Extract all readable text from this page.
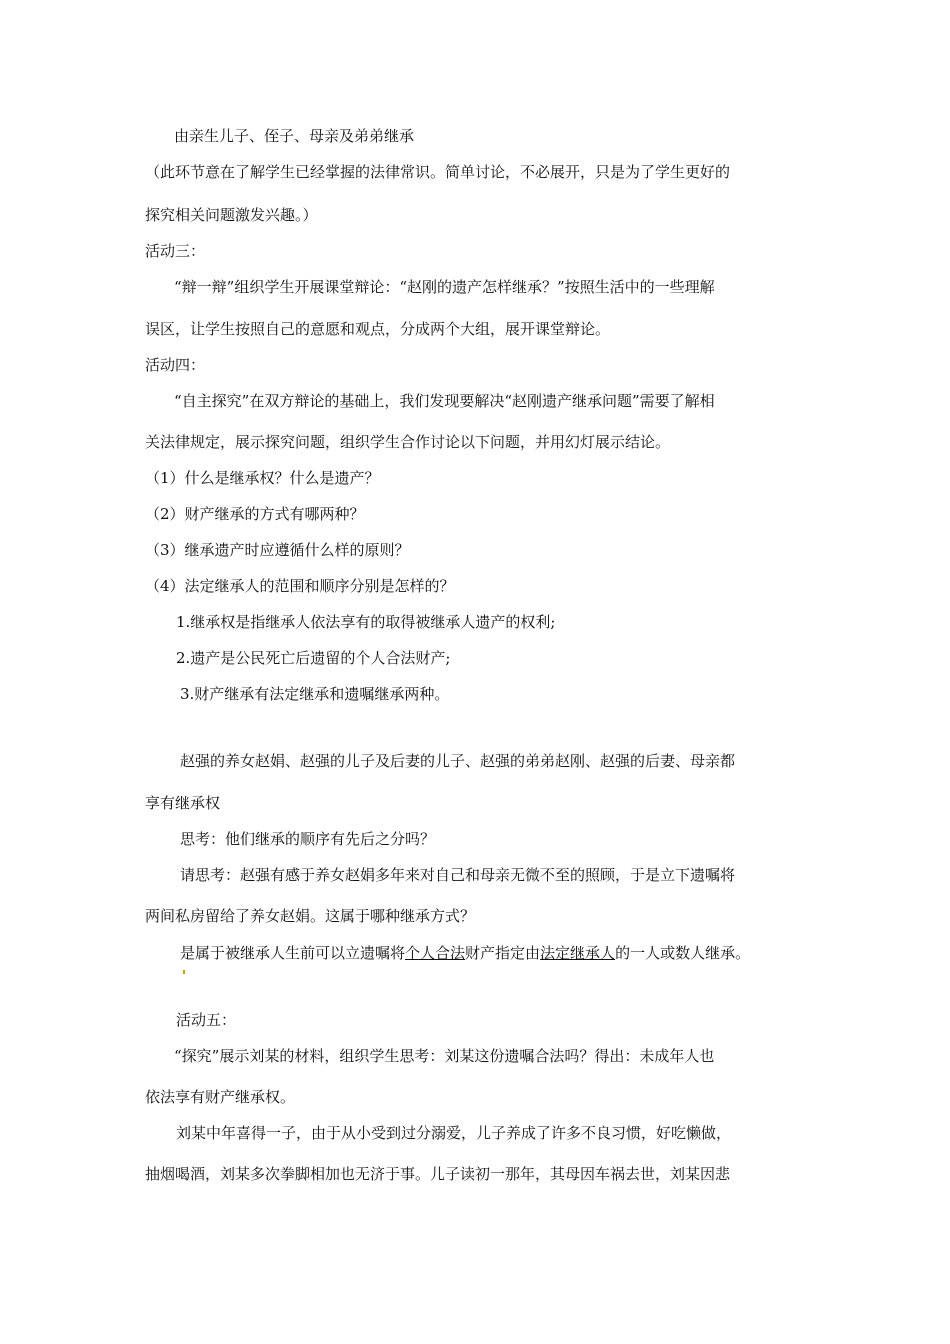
由亲生儿子、侄子、母亲及弟弟继承
（此环节意在了解学生已经掌握的法律常识。简单讨论，不必展开，只是为了学生更好的
探究相关问题激发兴趣。）
活动三：
“辩一辩”组织学生开展课堂辩论：“赵刚的遗产怎样继承？”按照生活中的一些理解
误区，让学生按照自己的意愿和观点，分成两个大组，展开课堂辩论。
活动四：
“自主探究”在双方辩论的基础上，我们发现要解决“赵刚遗产继承问题”需要了解相
关法律规定，展示探究问题，组织学生合作讨论以下问题，并用幻灯展示结论。
（1）什么是继承权？什么是遗产？
（2）财产继承的方式有哪两种？
（3）继承遗产时应遵循什么样的原则？
（4）法定继承人的范围和顺序分别是怎样的？
1.继承权是指继承人依法享有的取得被继承人遗产的权利;
2.遗产是公民死亡后遗留的个人合法财产;
3.财产继承有法定继承和遗嘱继承两种。
赵强的养女赵娟、赵强的儿子及后妻的儿子、赵强的弟弟赵刚、赵强的后妻、母亲都
享有继承权
思考：他们继承的顺序有先后之分吗？
请思考：赵强有感于养女赵娟多年来对自己和母亲无微不至的照顾，于是立下遗嘱将
两间私房留给了养女赵娟。这属于哪种继承方式？
是属于被继承人生前可以立遗嘱将个人合法财产指定由法定继承人的一人或数人继承。
活动五：
“探究”展示刘某的材料，组织学生思考：刘某这份遗嘱合法吗？得出：未成年人也
依法享有财产继承权。
刘某中年喜得一子，由于从小受到过分溺爱，儿子养成了许多不良习惯，好吃懒做，
抽烟喝酒，刘某多次拳脚相加也无济于事。儿子读初一那年，其母因车祸去世，刘某因悲
